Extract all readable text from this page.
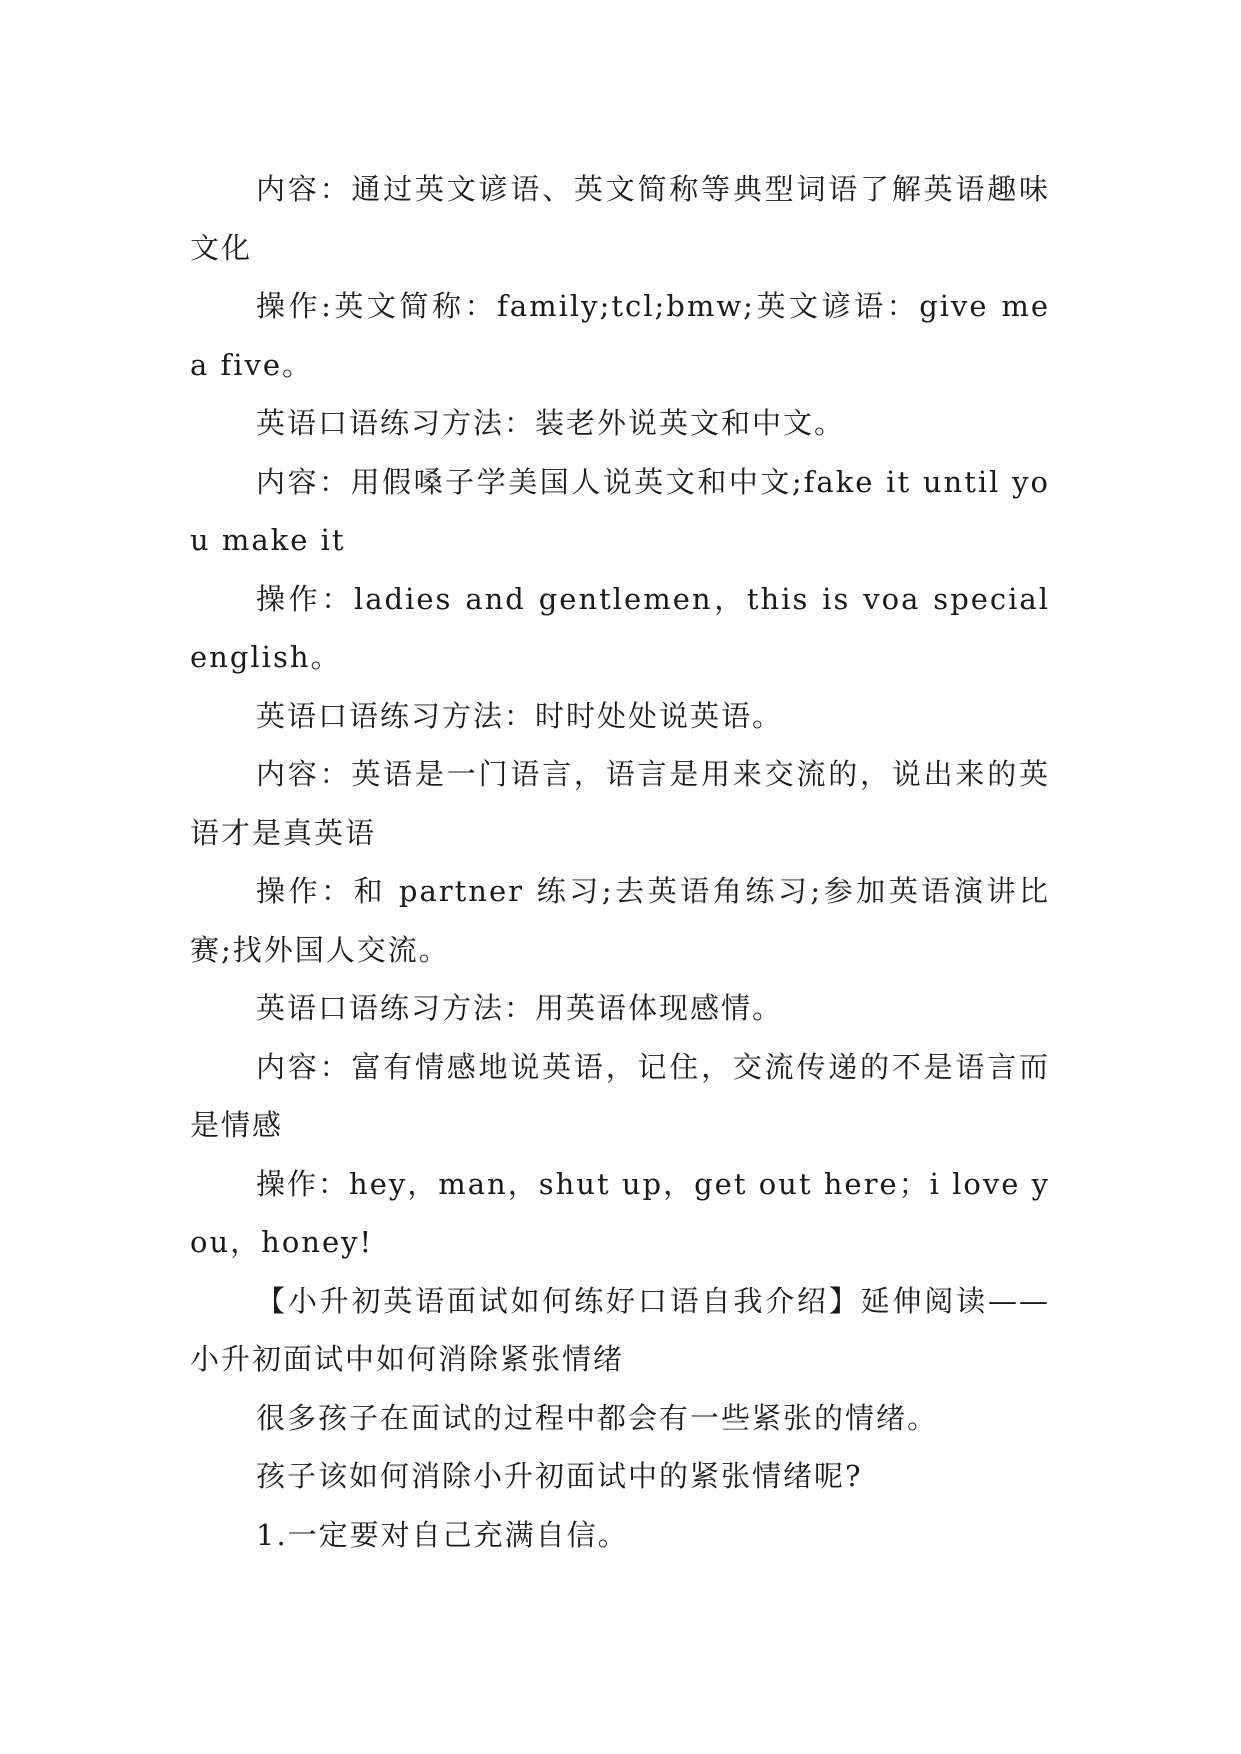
内容：通过英文谚语、英文简称等典型词语了解英语趣味文化

操作:英文简称：family;tcl;bmw;英文谚语：give me a five。

英语口语练习方法：装老外说英文和中文。

内容：用假嗓子学美国人说英文和中文;fake it until you make it

操作：ladies and gentlemen，this is voa special english。

英语口语练习方法：时时处处说英语。

内容：英语是一门语言，语言是用来交流的，说出来的英语才是真英语

操作：和 partner 练习;去英语角练习;参加英语演讲比赛;找外国人交流。

英语口语练习方法：用英语体现感情。

内容：富有情感地说英语，记住，交流传递的不是语言而是情感

操作：hey，man，shut up，get out here；i love you，honey!

【小升初英语面试如何练好口语自我介绍】延伸阅读——小升初面试中如何消除紧张情绪

很多孩子在面试的过程中都会有一些紧张的情绪。

孩子该如何消除小升初面试中的紧张情绪呢?

1.一定要对自己充满自信。
